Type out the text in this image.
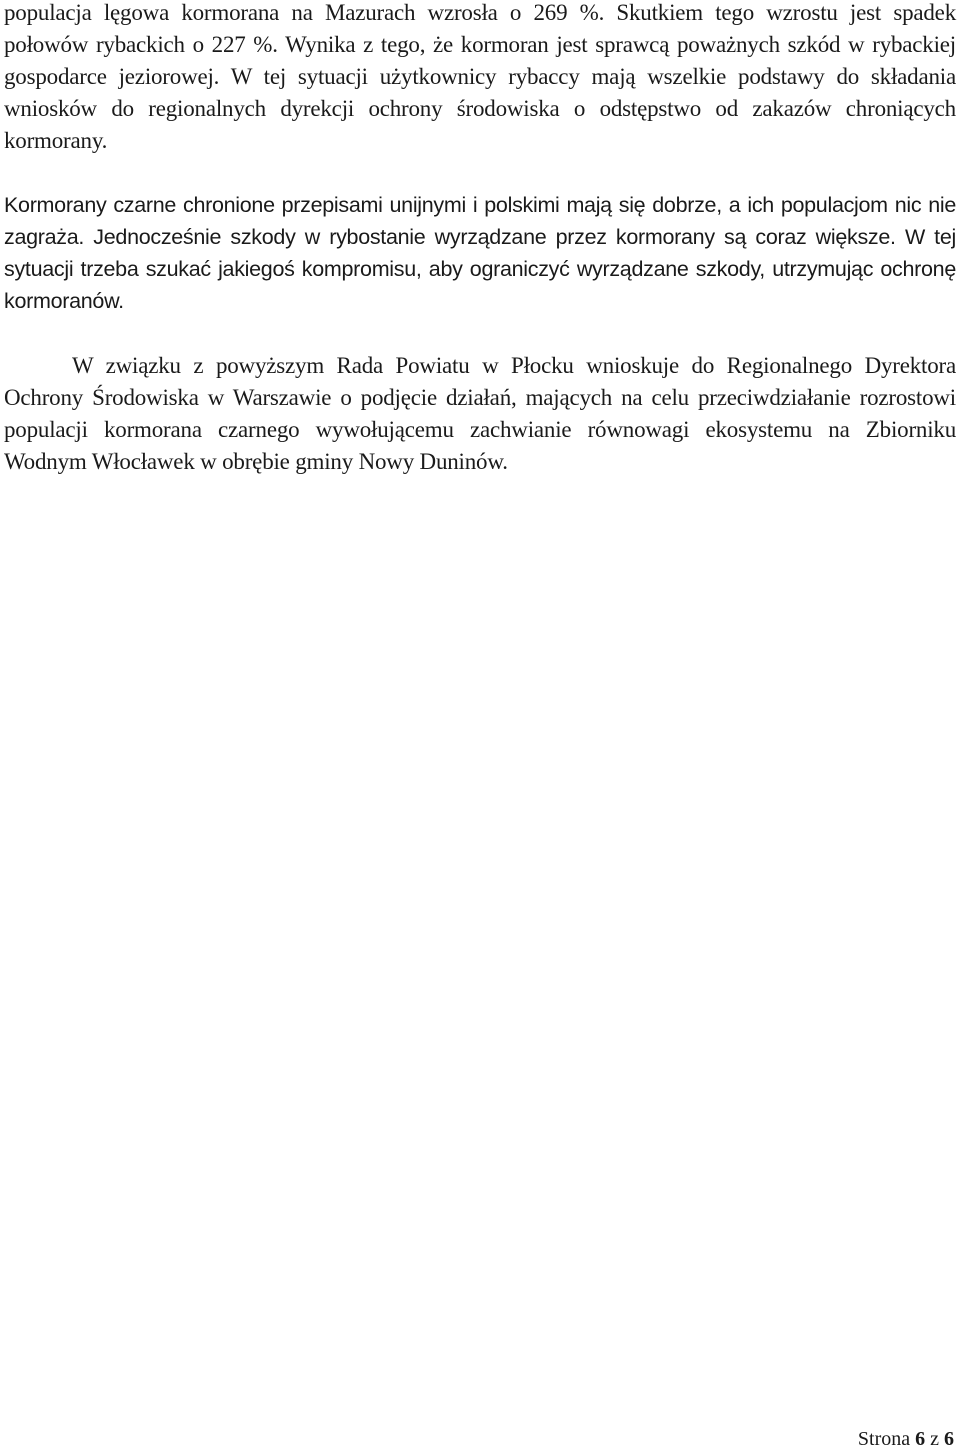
populacja lęgowa kormorana na Mazurach wzrosła o 269 %. Skutkiem tego wzrostu jest spadek połowów rybackich o 227 %. Wynika z tego, że kormoran jest sprawcą poważnych szkód w rybackiej gospodarce jeziorowej. W tej sytuacji użytkownicy rybaccy mają wszelkie podstawy do składania wniosków do regionalnych dyrekcji ochrony środowiska o odstępstwo od zakazów chroniących kormorany.

Kormorany czarne chronione przepisami unijnymi i polskimi mają się dobrze, a ich populacjom nic nie zagraża. Jednocześnie szkody w rybostanie wyrządzane przez kormorany są coraz większe. W tej sytuacji trzeba szukać jakiegoś kompromisu, aby ograniczyć wyrządzane szkody, utrzymując ochronę kormoranów.

W związku z powyższym Rada Powiatu w Płocku wnioskuje do Regionalnego Dyrektora Ochrony Środowiska w Warszawie o podjęcie działań, mających na celu przeciwdziałanie rozrostowi populacji kormorana czarnego wywołującemu zachwianie równowagi ekosystemu na Zbiorniku Wodnym Włocławek w obrębie gminy Nowy Duninów.

Strona 6 z 6
